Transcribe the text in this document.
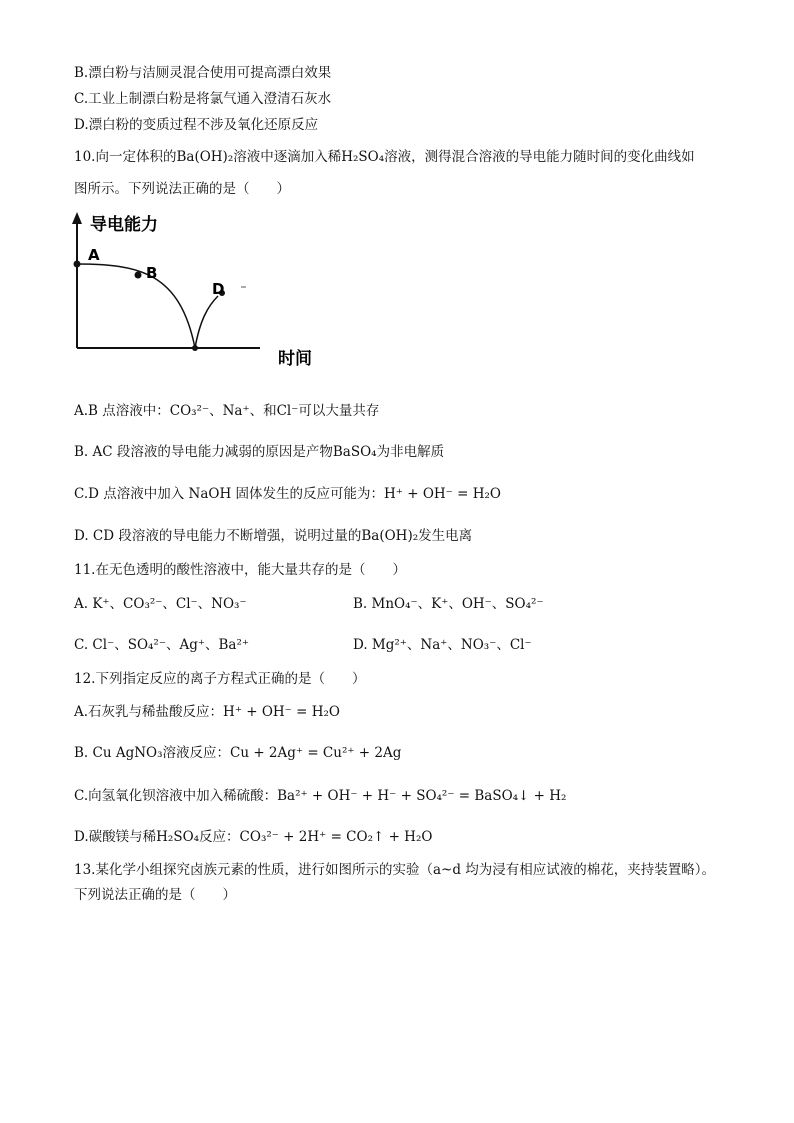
B.漂白粉与洁厕灵混合使用可提高漂白效果
C.工业上制漂白粉是将氯气通入澄清石灰水
D.漂白粉的变质过程不涉及氧化还原反应
10.向一定体积的Ba(OH)₂溶液中逐滴加入稀H₂SO₄溶液，测得混合溶液的导电能力随时间的变化曲线如
图所示。下列说法正确的是（　　）
导电能力
时间
A
B
D
A.B 点溶液中：CO₃²⁻、Na⁺、和Cl⁻可以大量共存
B. AC 段溶液的导电能力减弱的原因是产物BaSO₄为非电解质
C.D 点溶液中加入 NaOH 固体发生的反应可能为：H⁺ + OH⁻ = H₂O
D. CD 段溶液的导电能力不断增强，说明过量的Ba(OH)₂发生电离
11.在无色透明的酸性溶液中，能大量共存的是（　　）
A. K⁺、CO₃²⁻、Cl⁻、NO₃⁻	B. MnO₄⁻、K⁺、OH⁻、SO₄²⁻
C. Cl⁻、SO₄²⁻、Ag⁺、Ba²⁺	D. Mg²⁺、Na⁺、NO₃⁻、Cl⁻
12.下列指定反应的离子方程式正确的是（　　）
A.石灰乳与稀盐酸反应：H⁺ + OH⁻ = H₂O
B. Cu AgNO₃溶液反应：Cu + 2Ag⁺ = Cu²⁺ + 2Ag
C.向氢氧化钡溶液中加入稀硫酸：Ba²⁺ + OH⁻ + H⁻ + SO₄²⁻ = BaSO₄↓ + H₂
D.碳酸镁与稀H₂SO₄反应：CO₃²⁻ + 2H⁺ = CO₂↑ + H₂O
13.某化学小组探究卤族元素的性质，进行如图所示的实验（a~d 均为浸有相应试液的棉花，夹持装置略）。
下列说法正确的是（　　）
